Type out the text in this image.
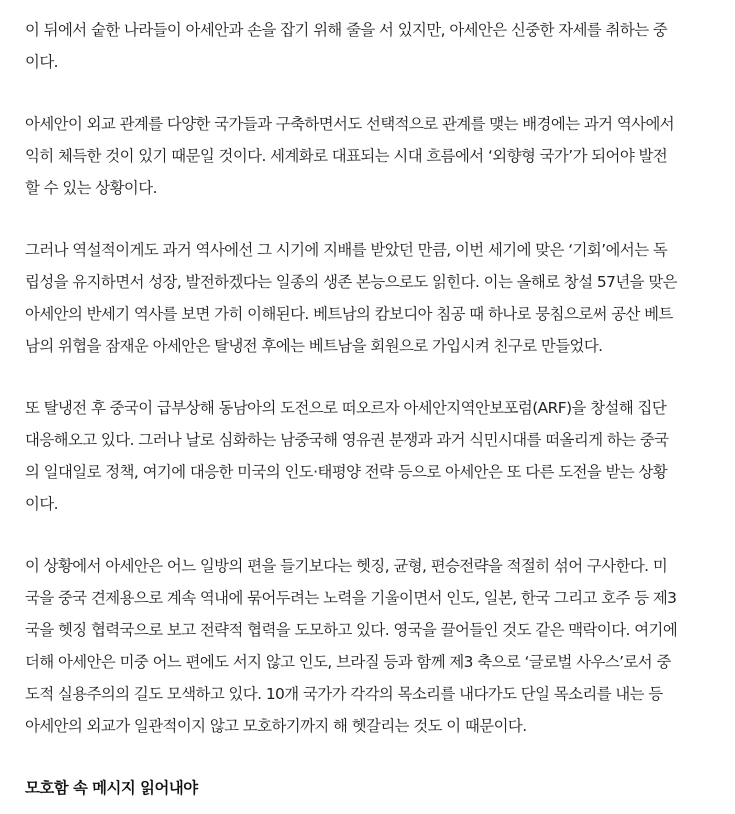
이 뒤에서 숱한 나라들이 아세안과 손을 잡기 위해 줄을 서 있지만, 아세안은 신중한 자세를 취하는 중
이다.

아세안이 외교 관계를 다양한 국가들과 구축하면서도 선택적으로 관계를 맺는 배경에는 과거 역사에서
익히 체득한 것이 있기 때문일 것이다. 세계화로 대표되는 시대 흐름에서 ‘외향형 국가’가 되어야 발전
할 수 있는 상황이다.

그러나 역설적이게도 과거 역사에선 그 시기에 지배를 받았던 만큼, 이번 세기에 맞은 ‘기회’에서는 독
립성을 유지하면서 성장, 발전하겠다는 일종의 생존 본능으로도 읽힌다. 이는 올해로 창설 57년을 맞은
아세안의 반세기 역사를 보면 가히 이해된다. 베트남의 캄보디아 침공 때 하나로 뭉침으로써 공산 베트
남의 위협을 잠재운 아세안은 탈냉전 후에는 베트남을 회원으로 가입시켜 친구로 만들었다.

또 탈냉전 후 중국이 급부상해 동남아의 도전으로 떠오르자 아세안지역안보포럼(ARF)을 창설해 집단
대응해오고 있다. 그러나 날로 심화하는 남중국해 영유권 분쟁과 과거 식민시대를 떠올리게 하는 중국
의 일대일로 정책, 여기에 대응한 미국의 인도·태평양 전략 등으로 아세안은 또 다른 도전을 받는 상황
이다.

이 상황에서 아세안은 어느 일방의 편을 들기보다는 헷징, 균형, 편승전략을 적절히 섞어 구사한다. 미
국을 중국 견제용으로 계속 역내에 묶어두려는 노력을 기울이면서 인도, 일본, 한국 그리고 호주 등 제3
국을 헷징 협력국으로 보고 전략적 협력을 도모하고 있다. 영국을 끌어들인 것도 같은 맥락이다. 여기에
더해 아세안은 미중 어느 편에도 서지 않고 인도, 브라질 등과 함께 제3 축으로 ‘글로벌 사우스’로서 중
도적 실용주의의 길도 모색하고 있다. 10개 국가가 각각의 목소리를 내다가도 단일 목소리를 내는 등
아세안의 외교가 일관적이지 않고 모호하기까지 해 헷갈리는 것도 이 때문이다.

모호함 속 메시지 읽어내야
